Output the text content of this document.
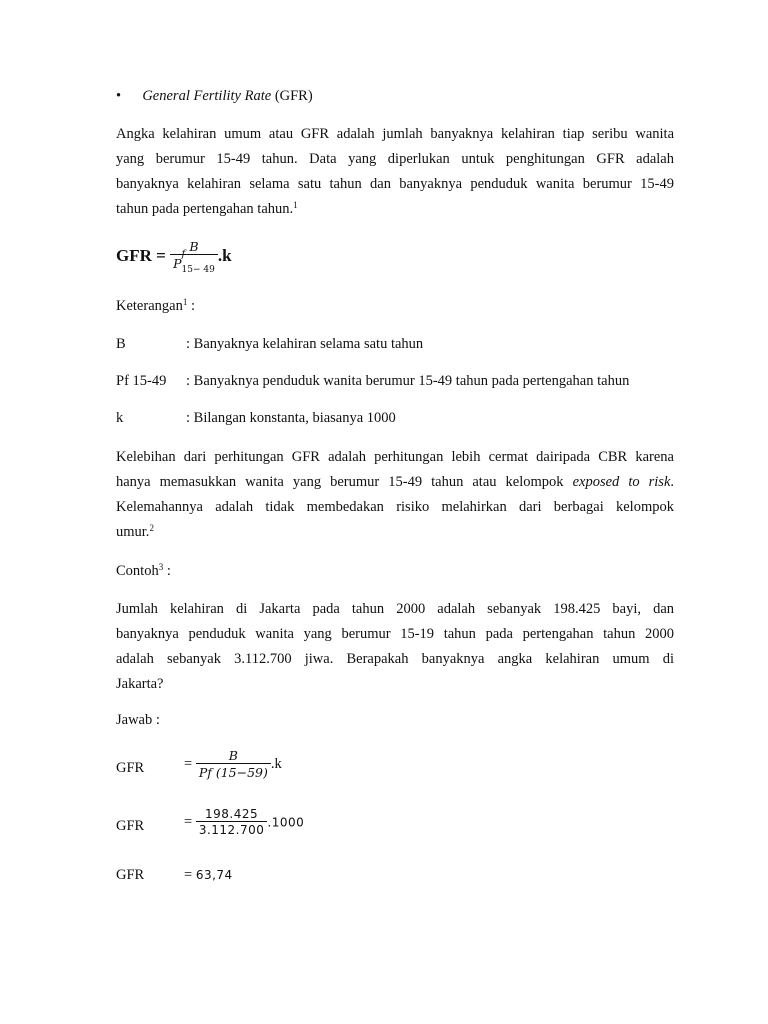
• General Fertility Rate (GFR)
Angka kelahiran umum atau GFR adalah jumlah banyaknya kelahiran tiap seribu wanita
yang berumur 15-49 tahun. Data yang diperlukan untuk penghitungan GFR adalah
banyaknya kelahiran selama satu tahun dan banyaknya penduduk wanita berumur 15-49
tahun pada pertengahan tahun.$^1$
GFR = B
P
f
$_{15- 49}$ .k
Keterangan$^1$ :
B	: Banyaknya kelahiran selama satu tahun
Pf 15-49 : Banyaknya penduduk wanita berumur 15-49 tahun pada pertengahan tahun
k	: Bilangan konstanta, biasanya 1000
Kelebihan dari perhitungan GFR adalah perhitungan lebih cermat dairipada CBR karena
hanya memasukkan wanita yang berumur 15-49 tahun atau kelompok exposed to risk.
Kelemahannya adalah tidak membedakan risiko melahirkan dari berbagai kelompok
umur.$^2$
Contoh$^3$ :
Jumlah kelahiran di Jakarta pada tahun 2000 adalah sebanyak 198.425 bayi, dan
banyaknya penduduk wanita yang berumur 15-19 tahun pada pertengahan tahun 2000
adalah sebanyak 3.112.700 jiwa. Berapakah banyaknya angka kelahiran umum di
Jakarta?
Jawab :
GFR	= $\frac{B}{Pf (15-59)} .k$
GFR	= $\frac{198.425}{3.112.700} .1000$
GFR	= 63,74
